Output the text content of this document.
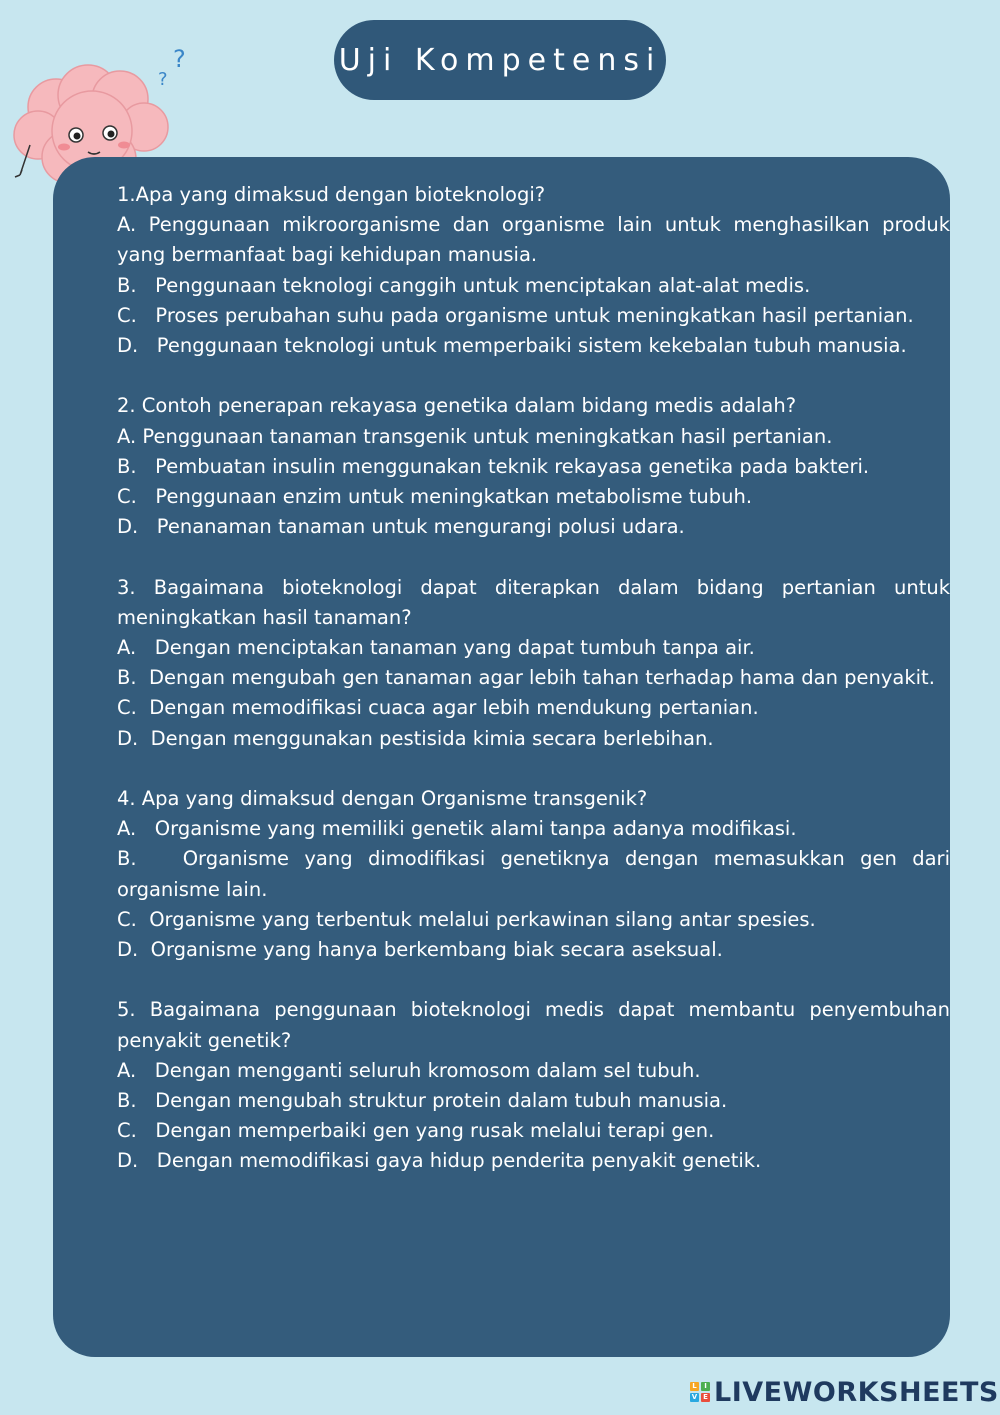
Uji Kompetensi
?
?
1.Apa yang dimaksud dengan bioteknologi?
A. Penggunaan mikroorganisme dan organisme lain untuk menghasilkan produk yang bermanfaat bagi kehidupan manusia.
B.   Penggunaan teknologi canggih untuk menciptakan alat-alat medis.
C.   Proses perubahan suhu pada organisme untuk meningkatkan hasil pertanian.
D.   Penggunaan teknologi untuk memperbaiki sistem kekebalan tubuh manusia.
2. Contoh penerapan rekayasa genetika dalam bidang medis adalah?
A. Penggunaan tanaman transgenik untuk meningkatkan hasil pertanian.
B.   Pembuatan insulin menggunakan teknik rekayasa genetika pada bakteri.
C.   Penggunaan enzim untuk meningkatkan metabolisme tubuh.
D.   Penanaman tanaman untuk mengurangi polusi udara.
3. Bagaimana bioteknologi dapat diterapkan dalam bidang pertanian untuk meningkatkan hasil tanaman?
A.   Dengan menciptakan tanaman yang dapat tumbuh tanpa air.
B.  Dengan mengubah gen tanaman agar lebih tahan terhadap hama dan penyakit.
C.  Dengan memodifikasi cuaca agar lebih mendukung pertanian.
D.  Dengan menggunakan pestisida kimia secara berlebihan.
4. Apa yang dimaksud dengan Organisme transgenik?
A.   Organisme yang memiliki genetik alami tanpa adanya modifikasi.
B.   Organisme yang dimodifikasi genetiknya dengan memasukkan gen dari organisme lain.
C.  Organisme yang terbentuk melalui perkawinan silang antar spesies.
D.  Organisme yang hanya berkembang biak secara aseksual.
5. Bagaimana penggunaan bioteknologi medis dapat membantu penyembuhan penyakit genetik?
A.   Dengan mengganti seluruh kromosom dalam sel tubuh.
B.   Dengan mengubah struktur protein dalam tubuh manusia.
C.   Dengan memperbaiki gen yang rusak melalui terapi gen.
D.   Dengan memodifikasi gaya hidup penderita penyakit genetik.
L	I
V E LIVEWORKSHEETS
